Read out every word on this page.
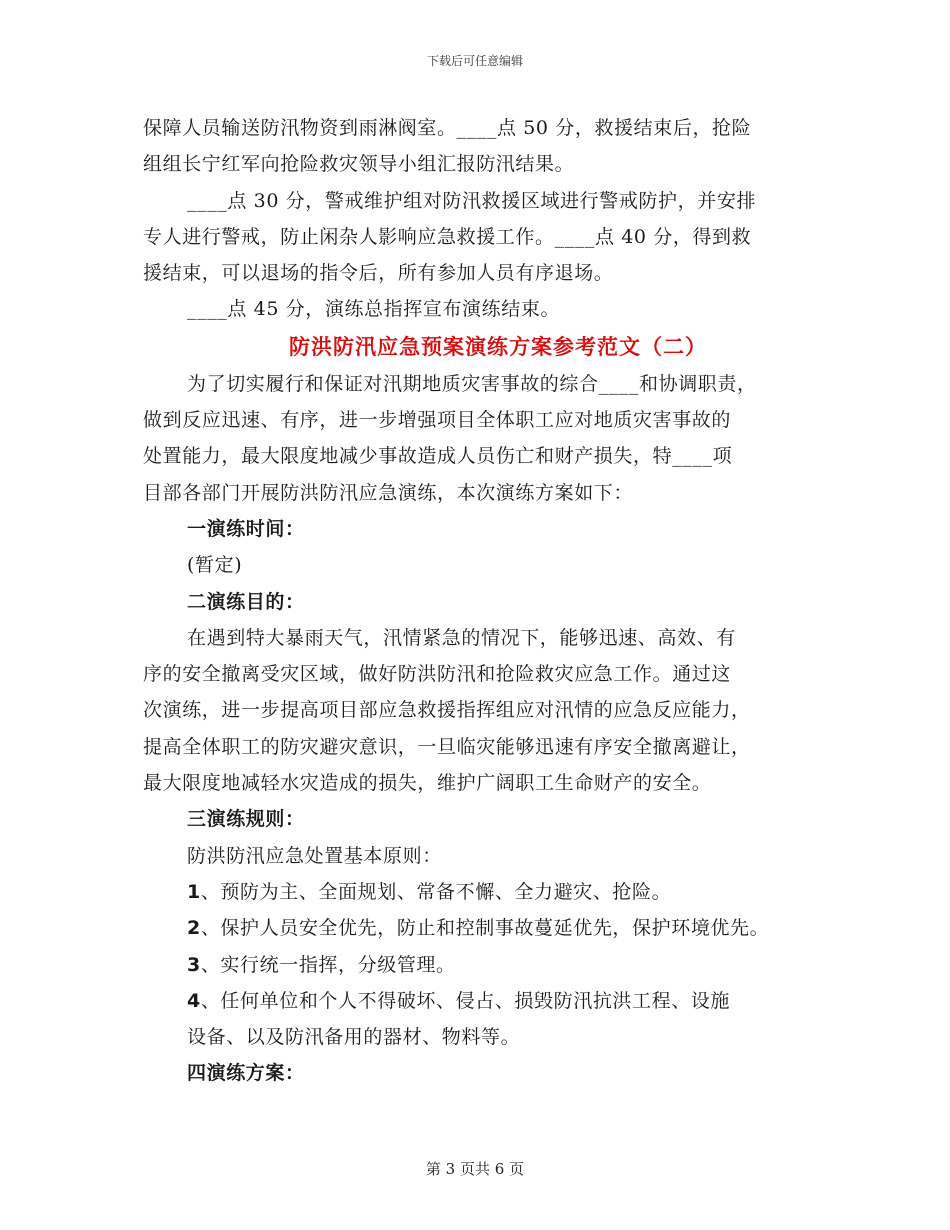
下载后可任意编辑
保障人员输送防汛物资到雨淋阀室。____点 50 分，救援结束后，抢险
组组长宁红军向抢险救灾领导小组汇报防汛结果。
____点 30 分，警戒维护组对防汛救援区域进行警戒防护，并安排
专人进行警戒，防止闲杂人影响应急救援工作。____点 40 分，得到救
援结束，可以退场的指令后，所有参加人员有序退场。
____点 45 分，演练总指挥宣布演练结束。
防洪防汛应急预案演练方案参考范文（二）
为了切实履行和保证对汛期地质灾害事故的综合____和协调职责，
做到反应迅速、有序，进一步增强项目全体职工应对地质灾害事故的
处置能力，最大限度地减少事故造成人员伤亡和财产损失，特____项
目部各部门开展防洪防汛应急演练，本次演练方案如下：
一演练时间：
(暂定)
二演练目的：
在遇到特大暴雨天气，汛情紧急的情况下，能够迅速、高效、有
序的安全撤离受灾区域，做好防洪防汛和抢险救灾应急工作。通过这
次演练，进一步提高项目部应急救援指挥组应对汛情的应急反应能力，
提高全体职工的防灾避灾意识，一旦临灾能够迅速有序安全撤离避让，
最大限度地减轻水灾造成的损失，维护广阔职工生命财产的安全。
三演练规则：
防洪防汛应急处置基本原则：
1、预防为主、全面规划、常备不懈、全力避灾、抢险。
2、保护人员安全优先，防止和控制事故蔓延优先，保护环境优先。
3、实行统一指挥，分级管理。
4、任何单位和个人不得破坏、侵占、损毁防汛抗洪工程、设施
设备、以及防汛备用的器材、物料等。
四演练方案：
第 3 页共 6 页
